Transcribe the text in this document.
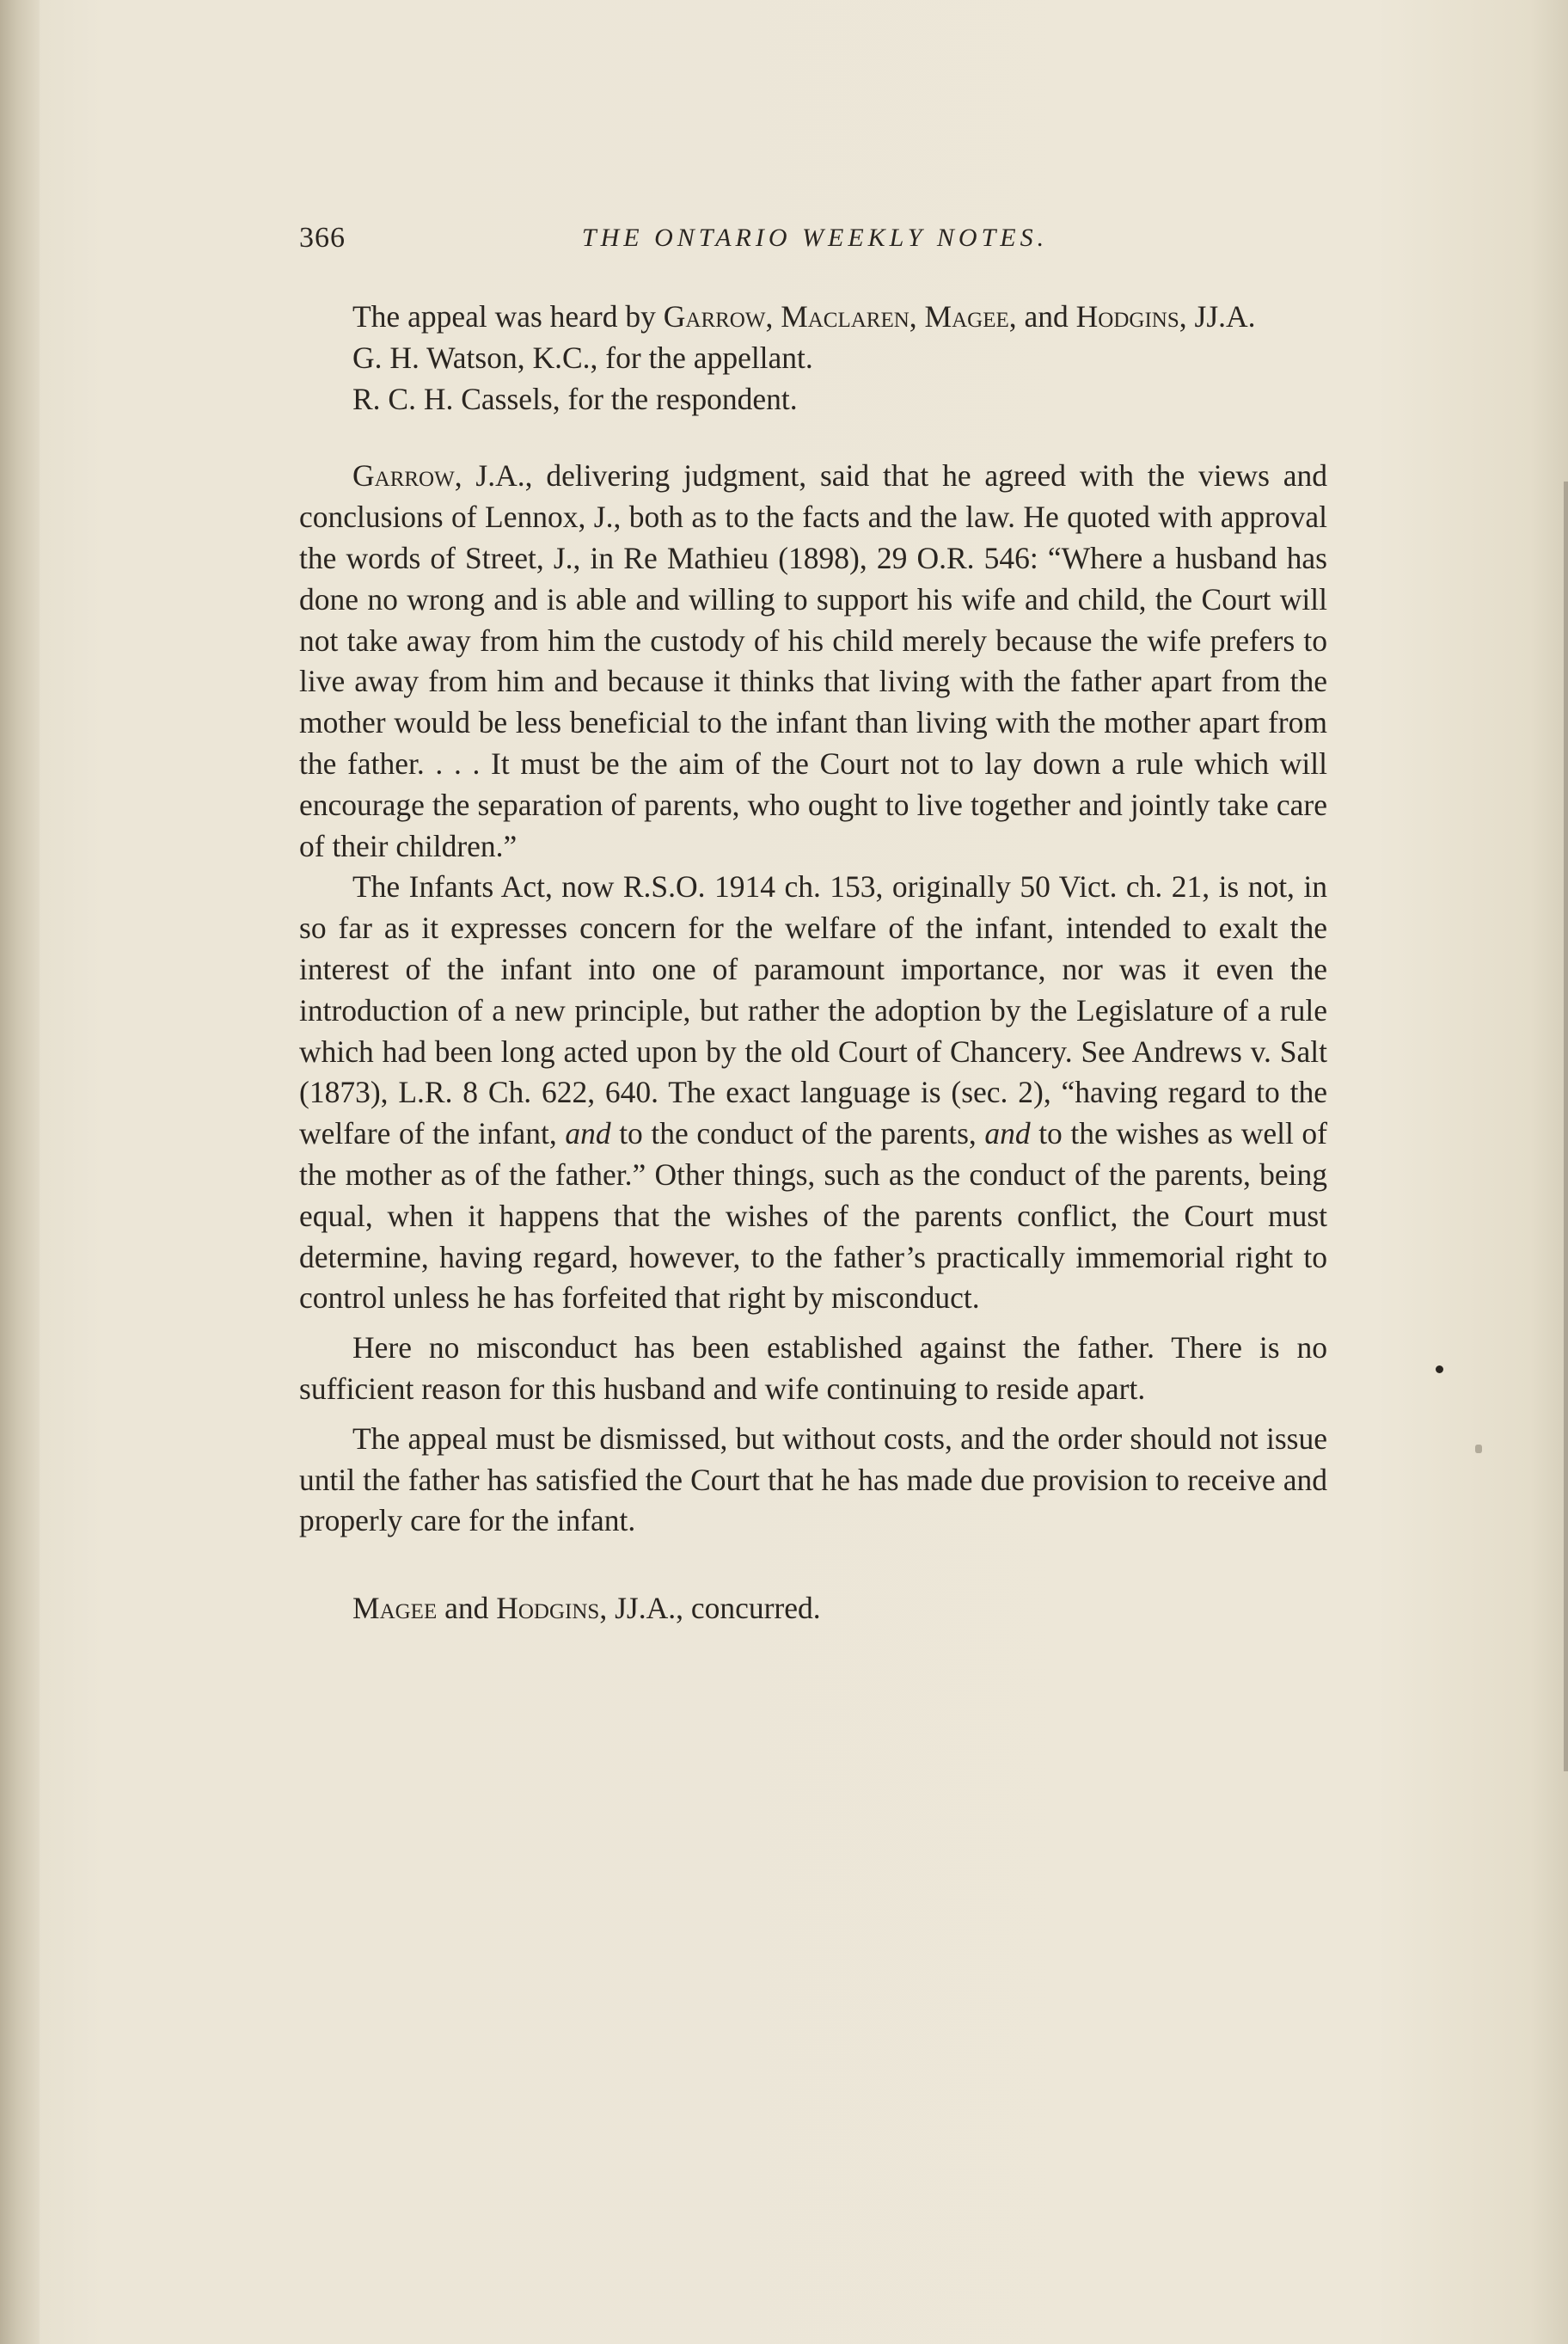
366	THE ONTARIO WEEKLY NOTES.

The appeal was heard by Garrow, Maclaren, Magee, and Hodgins, JJ.A.

G. H. Watson, K.C., for the appellant.

R. C. H. Cassels, for the respondent.

Garrow, J.A., delivering judgment, said that he agreed with the views and conclusions of Lennox, J., both as to the facts and the law. He quoted with approval the words of Street, J., in Re Mathieu (1898), 29 O.R. 546: “Where a husband has done no wrong and is able and willing to support his wife and child, the Court will not take away from him the custody of his child merely because the wife prefers to live away from him and because it thinks that living with the father apart from the mother would be less beneficial to the infant than living with the mother apart from the father. . . . It must be the aim of the Court not to lay down a rule which will encourage the separation of parents, who ought to live together and jointly take care of their children.”

The Infants Act, now R.S.O. 1914 ch. 153, originally 50 Vict. ch. 21, is not, in so far as it expresses concern for the welfare of the infant, intended to exalt the interest of the infant into one of paramount importance, nor was it even the introduction of a new principle, but rather the adoption by the Legislature of a rule which had been long acted upon by the old Court of Chancery. See Andrews v. Salt (1873), L.R. 8 Ch. 622, 640. The exact language is (sec. 2), “having regard to the welfare of the infant, and to the conduct of the parents, and to the wishes as well of the mother as of the father.” Other things, such as the conduct of the parents, being equal, when it happens that the wishes of the parents conflict, the Court must determine, having regard, however, to the father’s practically immemorial right to control unless he has forfeited that right by misconduct.

Here no misconduct has been established against the father. There is no sufficient reason for this husband and wife continuing to reside apart.

The appeal must be dismissed, but without costs, and the order should not issue until the father has satisfied the Court that he has made due provision to receive and properly care for the infant.

Magee and Hodgins, JJ.A., concurred.
